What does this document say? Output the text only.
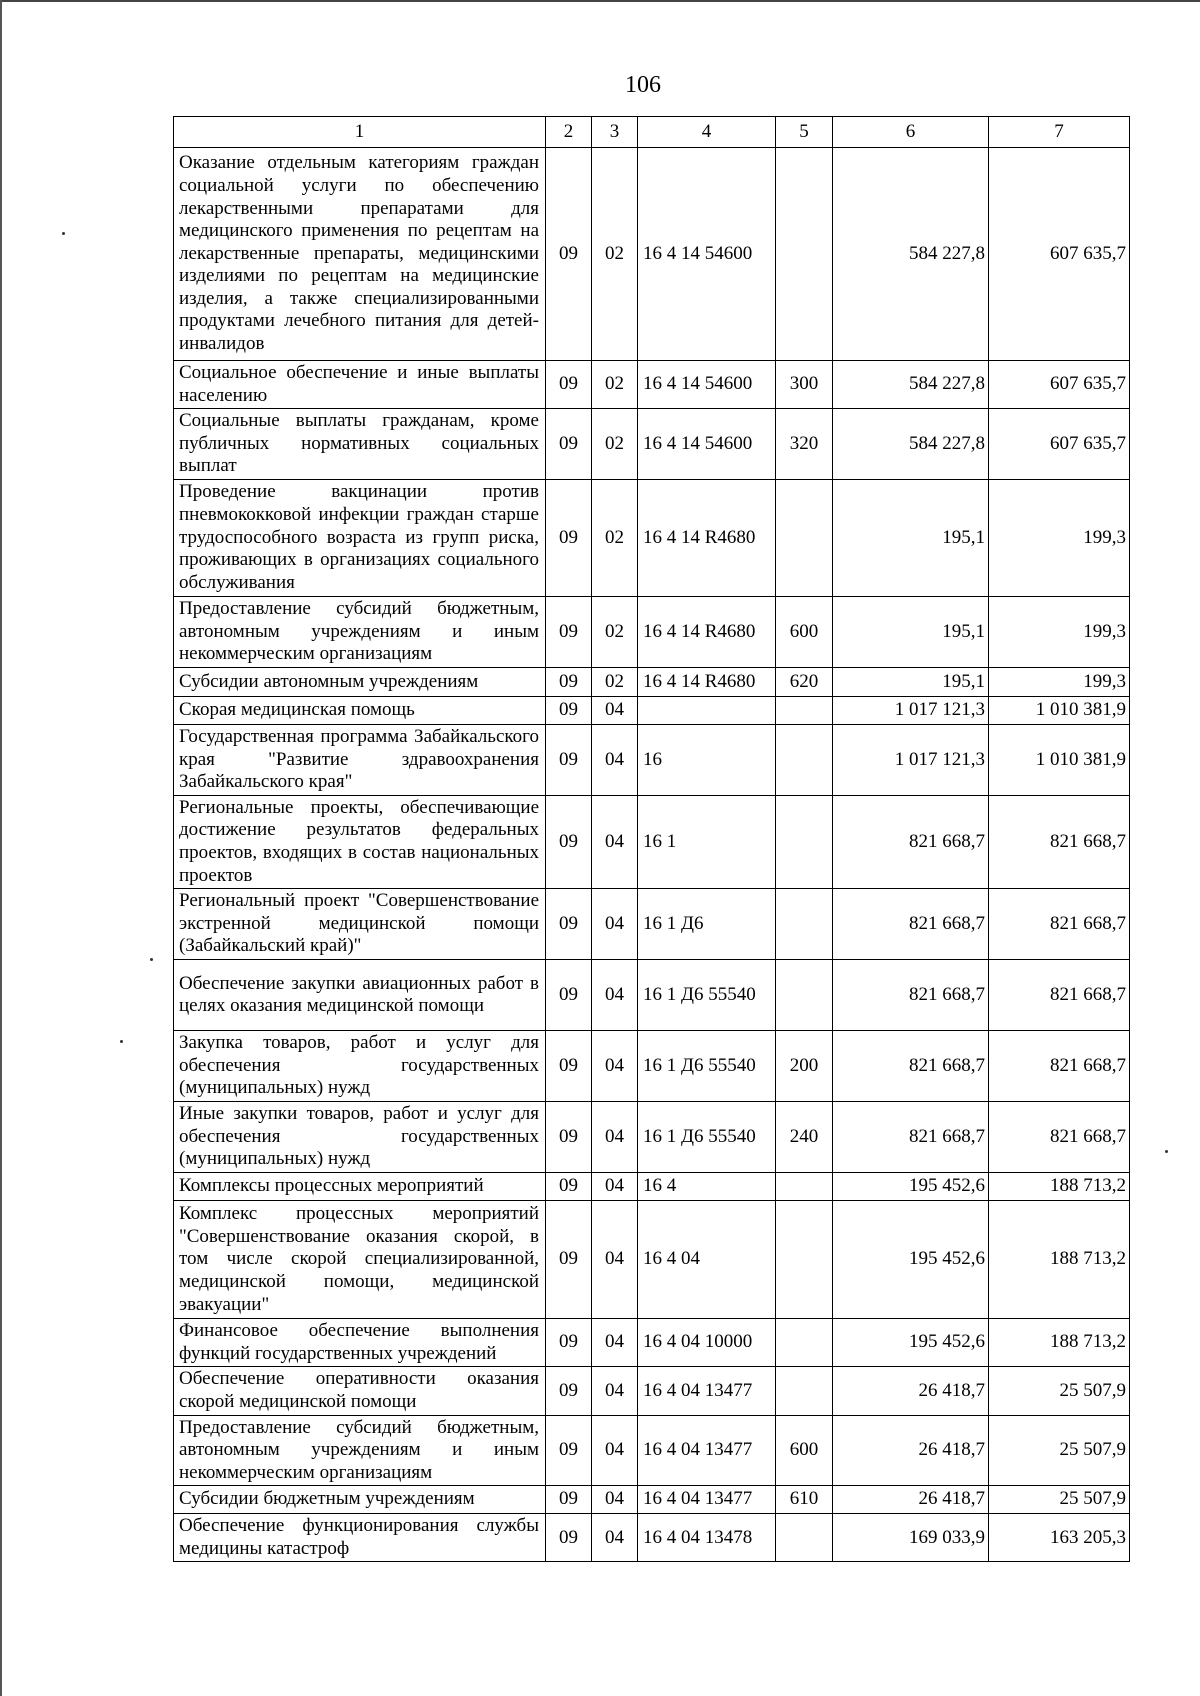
106
1	2	3	4	5	6	7
Оказание отдельным категориям граждан социальной услуги по обеспечению лекарственными препаратами для медицинского применения по рецептам на лекарственные препараты, медицинскими изделиями по рецептам на медицинские изделия, а также специализированными продуктами лечебного питания для детей-инвалидов	09	02	16 4 14 54600		584 227,8	607 635,7
Социальное обеспечение и иные выплаты населению	09	02	16 4 14 54600	300	584 227,8	607 635,7
Социальные выплаты гражданам, кроме публичных нормативных социальных выплат	09	02	16 4 14 54600	320	584 227,8	607 635,7
Проведение вакцинации против пневмококковой инфекции граждан старше трудоспособного возраста из групп риска, проживающих в организациях социального обслуживания	09	02	16 4 14 R4680		195,1	199,3
Предоставление субсидий бюджетным, автономным учреждениям и иным некоммерческим организациям	09	02	16 4 14 R4680	600	195,1	199,3
Субсидии автономным учреждениям	09	02	16 4 14 R4680	620	195,1	199,3
Скорая медицинская помощь	09	04			1 017 121,3	1 010 381,9
Государственная программа Забайкальского края "Развитие здравоохранения Забайкальского края"	09	04	16		1 017 121,3	1 010 381,9
Региональные проекты, обеспечивающие достижение результатов федеральных проектов, входящих в состав национальных проектов	09	04	16 1		821 668,7	821 668,7
Региональный проект "Совершенствование экстренной медицинской помощи (Забайкальский край)"	09	04	16 1 Д6		821 668,7	821 668,7
Обеспечение закупки авиационных работ в целях оказания медицинской помощи	09	04	16 1 Д6 55540		821 668,7	821 668,7
Закупка товаров, работ и услуг для обеспечения государственных (муниципальных) нужд	09	04	16 1 Д6 55540	200	821 668,7	821 668,7
Иные закупки товаров, работ и услуг для обеспечения государственных (муниципальных) нужд	09	04	16 1 Д6 55540	240	821 668,7	821 668,7
Комплексы процессных мероприятий	09	04	16 4		195 452,6	188 713,2
Комплекс процессных мероприятий "Совершенствование оказания скорой, в том числе скорой специализированной, медицинской помощи, медицинской эвакуации"	09	04	16 4 04		195 452,6	188 713,2
Финансовое обеспечение выполнения функций государственных учреждений	09	04	16 4 04 10000		195 452,6	188 713,2
Обеспечение оперативности оказания скорой медицинской помощи	09	04	16 4 04 13477		26 418,7	25 507,9
Предоставление субсидий бюджетным, автономным учреждениям и иным некоммерческим организациям	09	04	16 4 04 13477	600	26 418,7	25 507,9
Субсидии бюджетным учреждениям	09	04	16 4 04 13477	610	26 418,7	25 507,9
Обеспечение функционирования службы медицины катастроф	09	04	16 4 04 13478		169 033,9	163 205,3
